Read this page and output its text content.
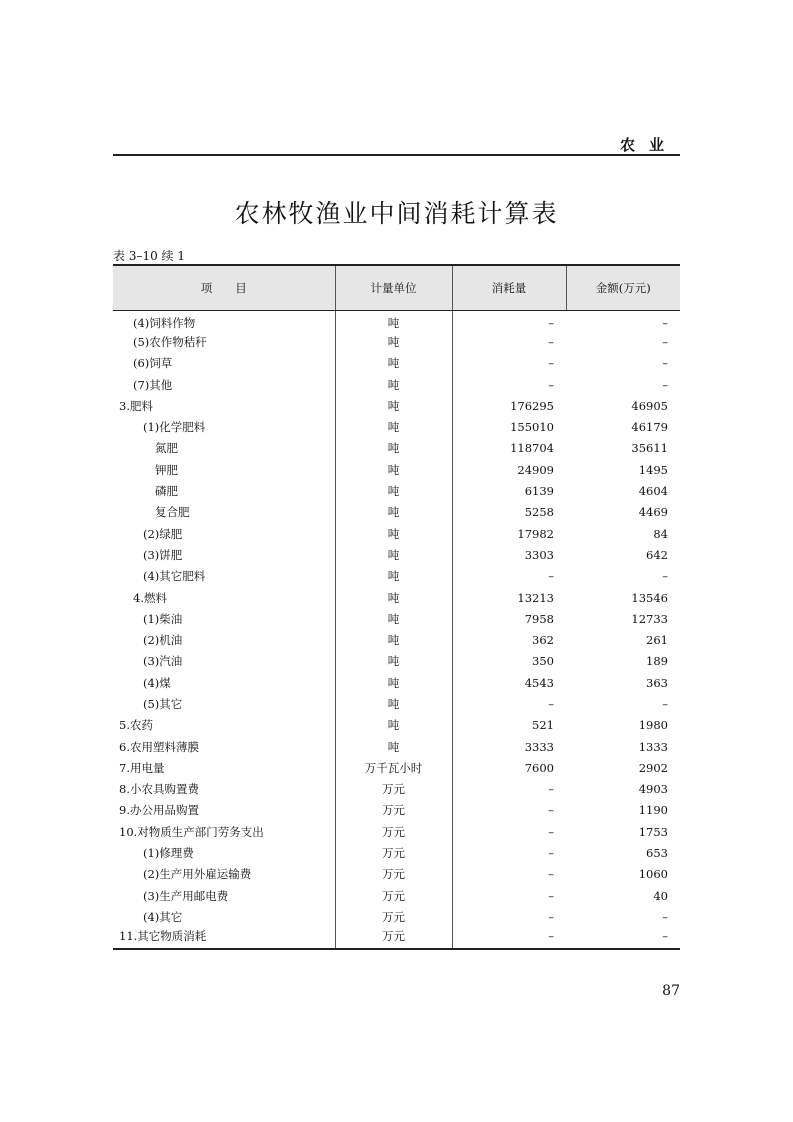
农业
农林牧渔业中间消耗计算表
表 3–10 续 1
项　　目	计量单位	消耗量	金额(万元)
(4)饲料作物	吨	–	–
(5)农作物秸秆	吨	–	–
(6)饲草	吨	–	–
(7)其他	吨	–	–
3.肥料	吨	176295	46905
(1)化学肥料	吨	155010	46179
氮肥	吨	118704	35611
钾肥	吨	24909	1495
磷肥	吨	6139	4604
复合肥	吨	5258	4469
(2)绿肥	吨	17982	84
(3)饼肥	吨	3303	642
(4)其它肥料	吨	–	–
4.燃料	吨	13213	13546
(1)柴油	吨	7958	12733
(2)机油	吨	362	261
(3)汽油	吨	350	189
(4)煤	吨	4543	363
(5)其它	吨	–	–
5.农药	吨	521	1980
6.农用塑料薄膜	吨	3333	1333
7.用电量	万千瓦小时	7600	2902
8.小农具购置费	万元	–	4903
9.办公用品购置	万元	–	1190
10.对物质生产部门劳务支出	万元	–	1753
(1)修理费	万元	–	653
(2)生产用外雇运输费	万元	–	1060
(3)生产用邮电费	万元	–	40
(4)其它	万元	–	–
11.其它物质消耗	万元	–	–
87
